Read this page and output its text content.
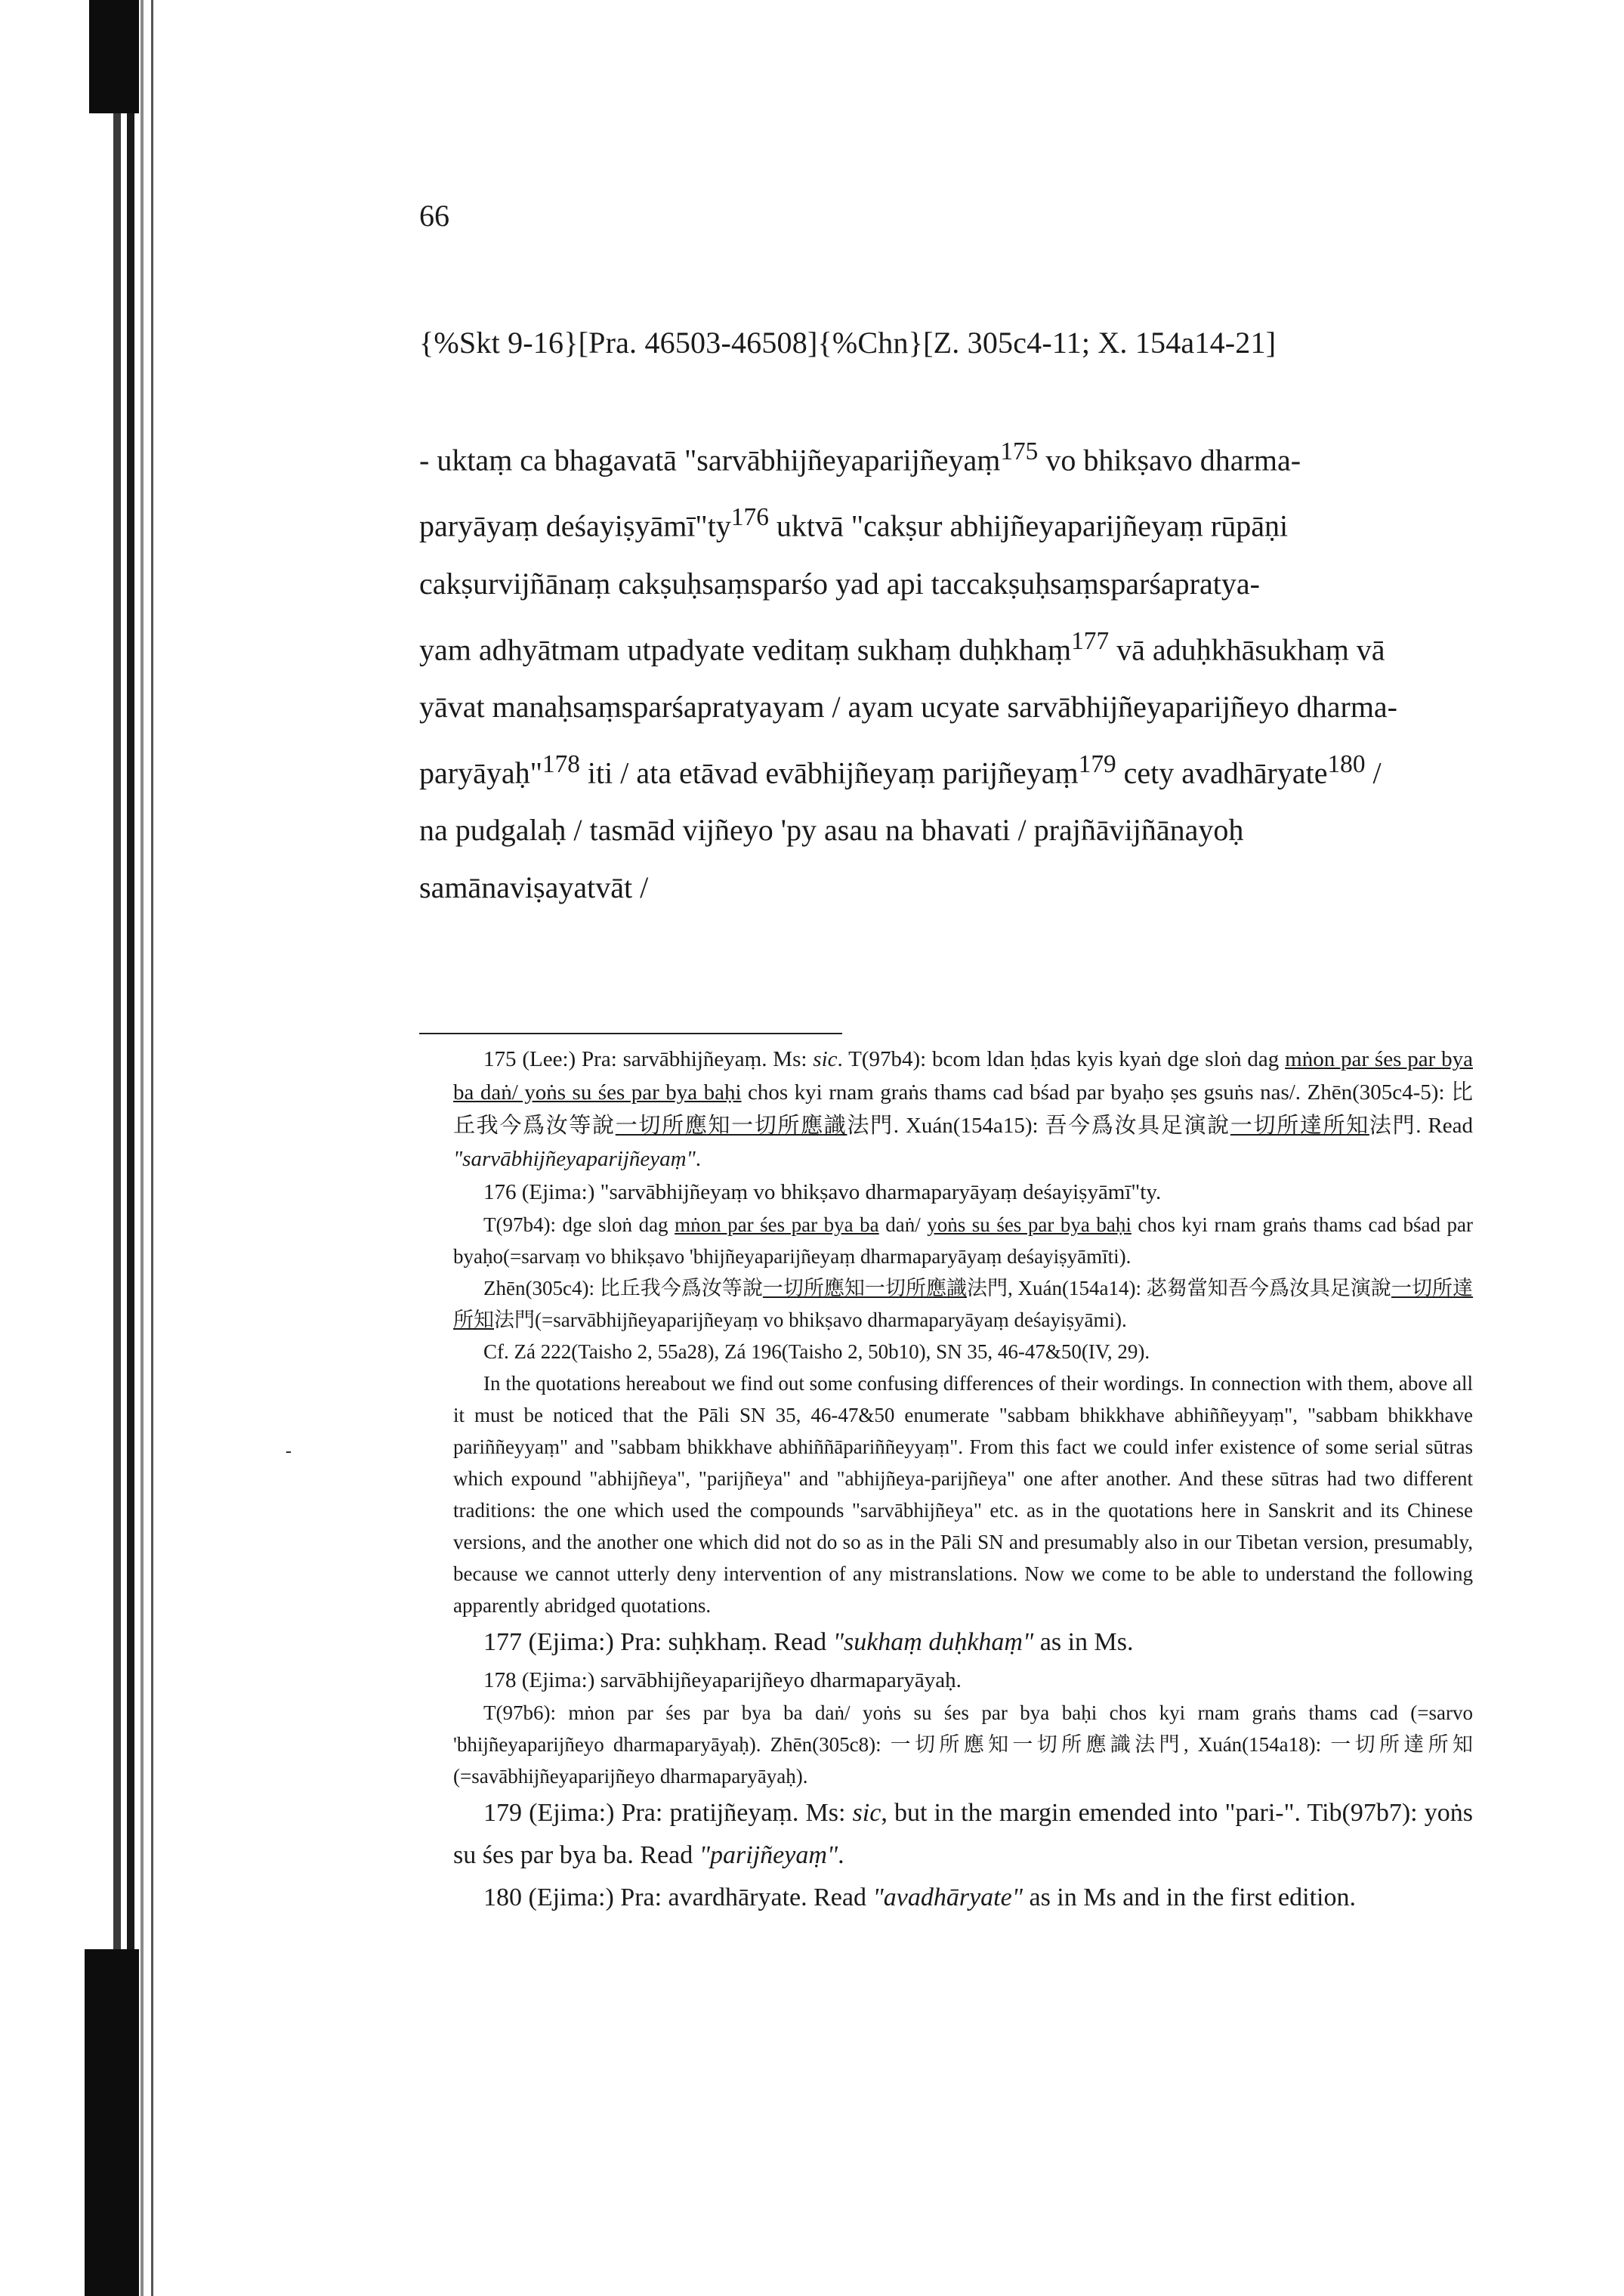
66
{%Skt 9-16}[Pra. 46503-46508]{%Chn}[Z. 305c4-11; X. 154a14-21]

- uktaṃ ca bhagavatā "sarvābhijñeyaparijñeyaṃ$^{175}$ vo bhikṣavo dharma-

paryāyaṃ $deśayiṣyāmī"ty^{176}$ uktvā "cakṣur abhijñeyaparijñeyaṃ rūpāṇi

cakṣurvijñānaṃ cakṣuḥsaṃsparśo yad api taccakṣuḥsaṃsparśapratya-

yam adhyātmam utpadyate veditaṃ sukhaṃ duḥkhaṃ$^{177}$ vā aduḥkhāsukhaṃ vā

yāvat manaḥsaṃsparśapratyayam / ayam ucyate sarvābhijñeyaparijñeyo dharma-

paryāyaḥ"$^{178}$ iti / ata etāvad evābhijñeyaṃ parijñeyaṃ$^{179}$ cety avadhāryate$^{180}$ /

na pudgalaḥ / tasmād vijñeyo 'py asau na bhavati / prajñāvijñānayoḥ

samānaviṣayatvāt /

-

175 (Lee:) Pra: sarvābhijñeyaṃ. Ms: sic. T(97b4): bcom ldan ḥdas kyis kyaṅ dge sloṅ dag mṅon par śes par bya ba daṅ/ yoṅs su śes par bya baḥi chos kyi rnam graṅs thams cad bśad par byaḥo ṣes gsuṅs nas/. Zhēn(305c4-5): 比丘我今爲汝等說一切所應知一切所應識法門. Xuán(154a15): 吾今爲汝具足演說一切所達所知法門. Read "sarvābhijñeyaparijñeyaṃ".

176 (Ejima:) "sarvābhijñeyaṃ vo bhikṣavo dharmaparyāyaṃ deśayiṣyāmī"ty.

T(97b4): dge sloṅ dag mṅon par śes par bya ba daṅ/ yoṅs su śes par bya baḥi chos kyi rnam graṅs thams cad bśad par byaḥo(=sarvaṃ vo bhikṣavo 'bhijñeyaparijñeyaṃ dharmaparyāyaṃ deśayiṣyāmīti).

Zhēn(305c4): 比丘我今爲汝等說一切所應知一切所應識法門, Xuán(154a14): 苾芻當知吾今爲汝具足演說一切所達所知法門(=sarvābhijñeyaparijñeyaṃ vo bhikṣavo dharmaparyāyaṃ deśayiṣyāmi).

Cf. Zá 222(Taisho 2, 55a28), Zá 196(Taisho 2, 50b10), SN 35, 46-47&50(IV, 29).

In the quotations hereabout we find out some confusing differences of their wordings. In connection with them, above all it must be noticed that the Pāli SN 35, 46-47&50 enumerate "sabbam bhikkhave abhiññeyyaṃ", "sabbam bhikkhave pariññeyyaṃ" and "sabbam bhikkhave abhiññāpariññeyyaṃ". From this fact we could infer existence of some serial sūtras which expound "abhijñeya", "parijñeya" and "abhijñeya-parijñeya" one after another. And these sūtras had two different traditions: the one which used the compounds "sarvābhijñeya" etc. as in the quotations here in Sanskrit and its Chinese versions, and the another one which did not do so as in the Pāli SN and presumably also in our Tibetan version, presumably, because we cannot utterly deny intervention of any mistranslations. Now we come to be able to understand the following apparently abridged quotations.

177 (Ejima:) Pra: suḥkhaṃ. Read "sukhaṃ duḥkhaṃ" as in Ms.

178 (Ejima:) sarvābhijñeyaparijñeyo dharmaparyāyaḥ.

T(97b6): mṅon par śes par bya ba daṅ/ yoṅs su śes par bya baḥi chos kyi rnam graṅs thams cad (=sarvo 'bhijñeyaparijñeyo dharmaparyāyaḥ). Zhēn(305c8): 一切所應知一切所應識法門, Xuán(154a18): 一切所達所知 (=savābhijñeyaparijñeyo dharmaparyāyaḥ).

179 (Ejima:) Pra: pratijñeyaṃ. Ms: sic, but in the margin emended into "pari-". Tib(97b7): yoṅs su śes par bya ba. Read "parijñeyaṃ".

180 (Ejima:) Pra: avardhāryate. Read "avadhāryate" as in Ms and in the first edition.
